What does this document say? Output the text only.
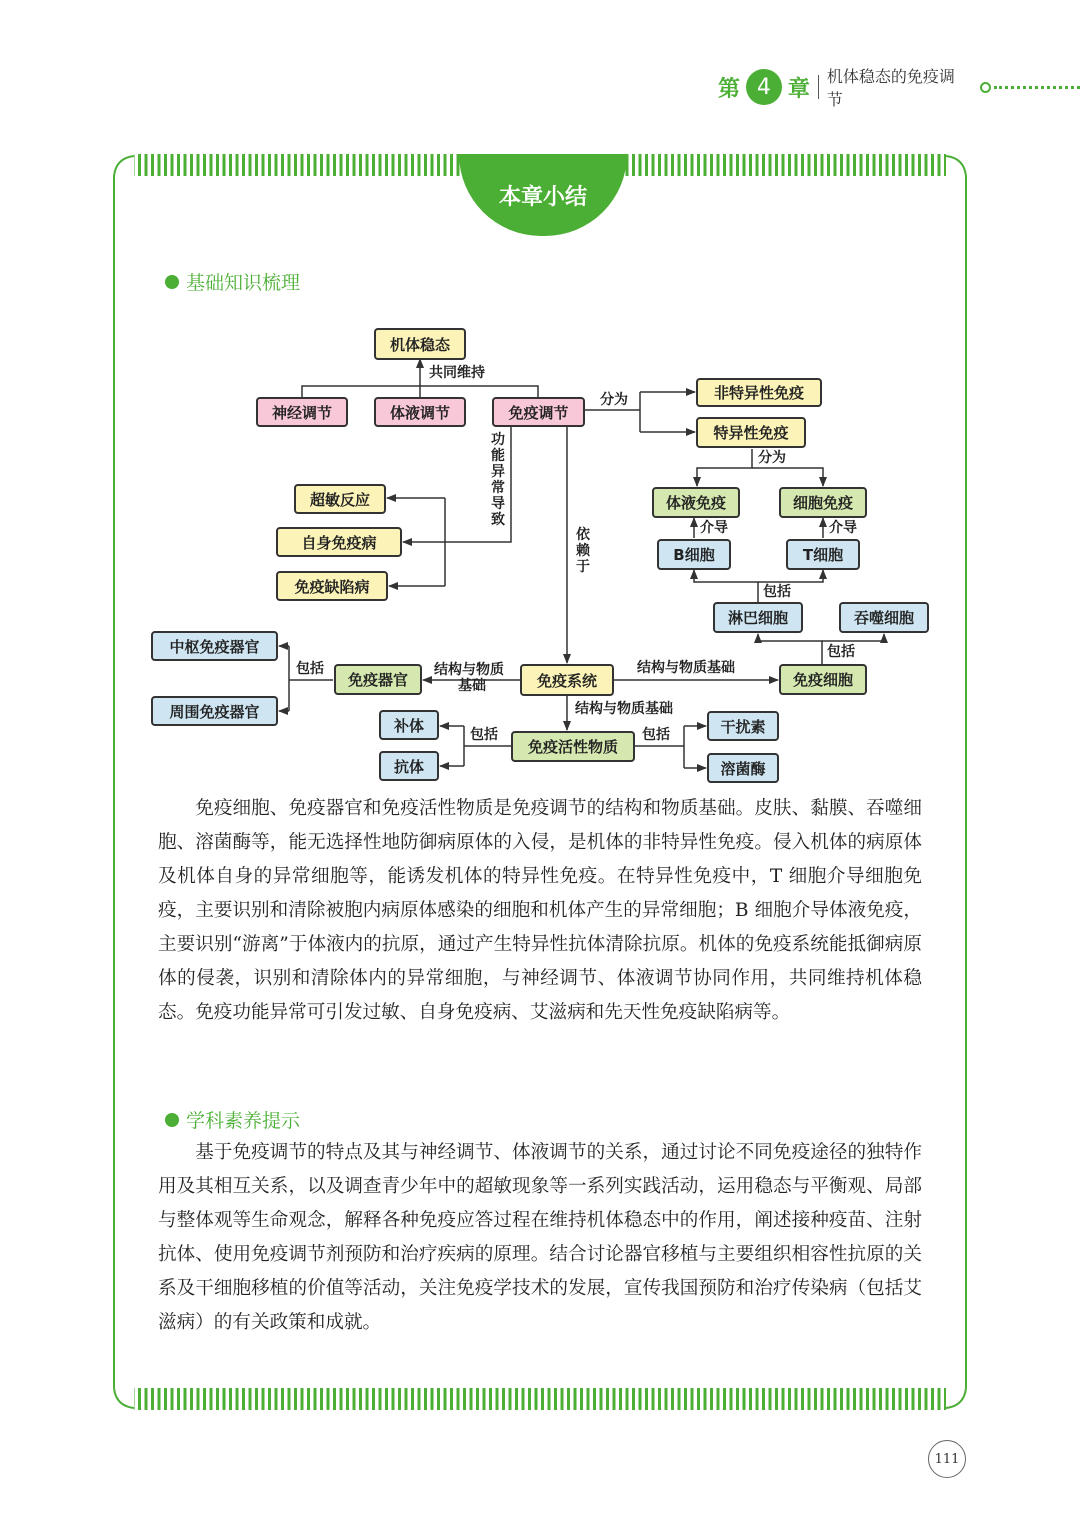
第 4 章 机体稳态的免疫调节
本章小结
基础知识梳理
机体稳态
神经调节	体液调节	免疫调节
非特异性免疫
特异性免疫
体液免疫	细胞免疫
B细胞	T细胞
淋巴细胞	吞噬细胞
超敏反应
自身免疫病
免疫缺陷病
中枢免疫器官
周围免疫器官
免疫器官	免疫系统	免疫细胞
补体
抗体
免疫活性物质
干扰素
溶菌酶
共同维持
分为
分为
介导	介导
包括
包括
包括
包括	包括
结构与物质
基础
结构与物质基础
结构与物质基础
功能异常导致
依赖于

免疫细胞、免疫器官和免疫活性物质是免疫调节的结构和物质基础。皮肤、黏膜、吞噬细胞、溶菌酶等，能无选择性地防御病原体的入侵，是机体的非特异性免疫。侵入机体的病原体及机体自身的异常细胞等，能诱发机体的特异性免疫。在特异性免疫中，T 细胞介导细胞免疫，主要识别和清除被胞内病原体感染的细胞和机体产生的异常细胞；B 细胞介导体液免疫，主要识别“游离”于体液内的抗原，通过产生特异性抗体清除抗原。机体的免疫系统能抵御病原体的侵袭，识别和清除体内的异常细胞，与神经调节、体液调节协同作用，共同维持机体稳态。免疫功能异常可引发过敏、自身免疫病、艾滋病和先天性免疫缺陷病等。

学科素养提示

基于免疫调节的特点及其与神经调节、体液调节的关系，通过讨论不同免疫途径的独特作用及其相互关系，以及调查青少年中的超敏现象等一系列实践活动，运用稳态与平衡观、局部与整体观等生命观念，解释各种免疫应答过程在维持机体稳态中的作用，阐述接种疫苗、注射抗体、使用免疫调节剂预防和治疗疾病的原理。结合讨论器官移植与主要组织相容性抗原的关系及干细胞移植的价值等活动，关注免疫学技术的发展，宣传我国预防和治疗传染病（包括艾滋病）的有关政策和成就。

111
